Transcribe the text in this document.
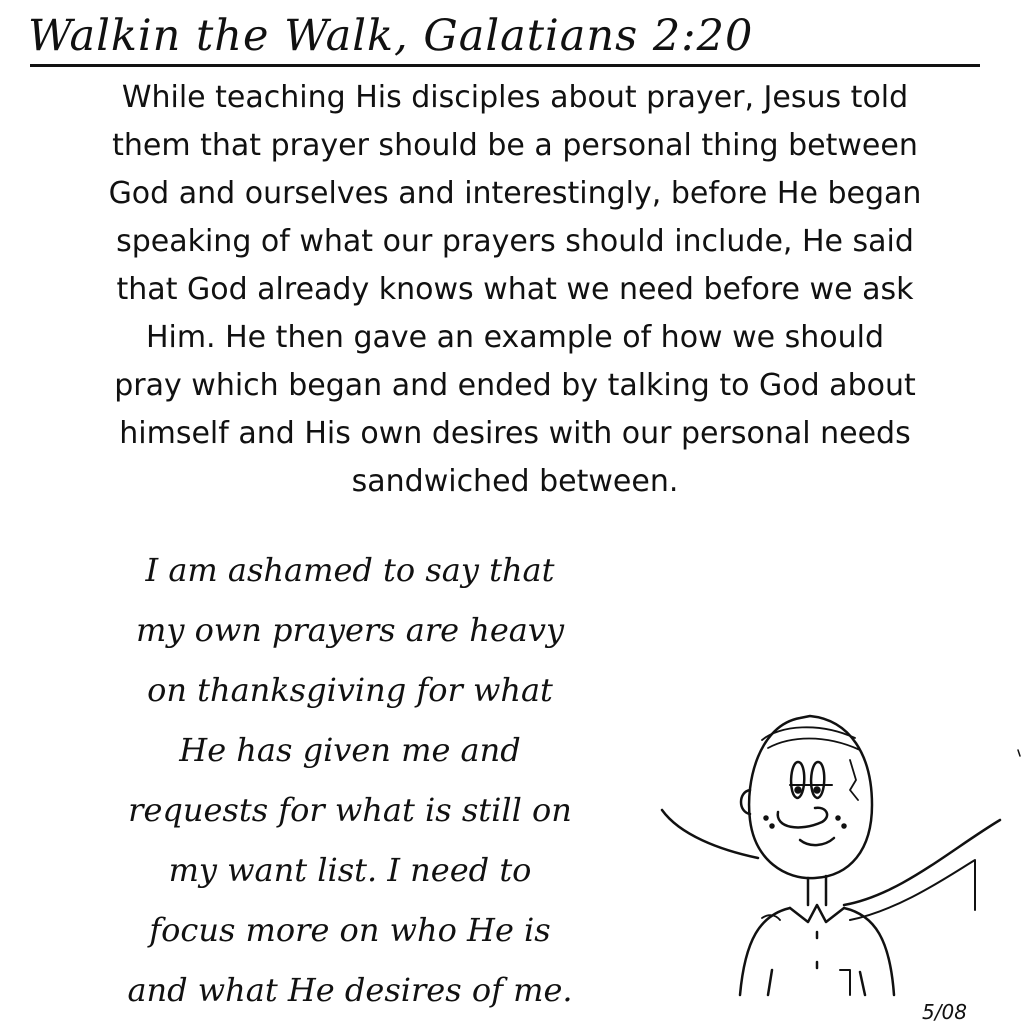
Walkin the Walk, Galatians 2:20
While teaching His disciples about prayer, Jesus told
them that prayer should be a personal thing between
God and ourselves and interestingly, before He began
speaking of what our prayers should include, He said
that God already knows what we need before we ask
Him. He then gave an example of how we should
pray which began and ended by talking to God about
himself and His own desires with our personal needs
sandwiched between.
I am ashamed to say that
my own prayers are heavy
on thanksgiving for what
He has given me and
requests for what is still on
my want list. I need to
focus more on who He is
and what He desires of me.
5/08
